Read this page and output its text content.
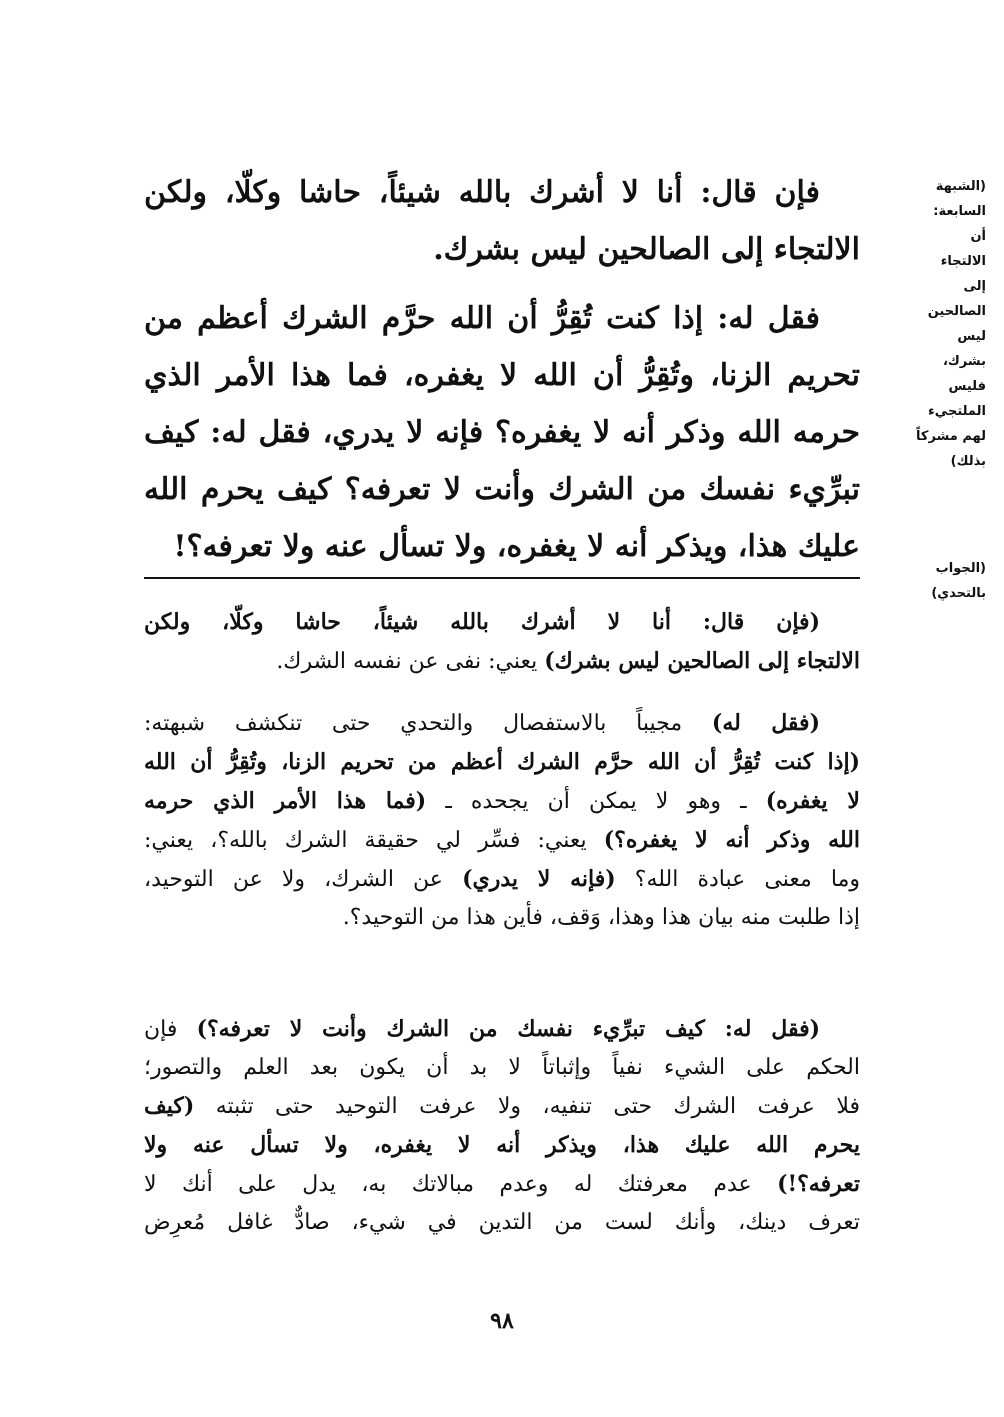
(الشبهة
السابعة:
أن
الالتجاء
إلى
الصالحين
ليس
بشرك،
فليس
الملتجيء
لهم مشركاً
بذلك)
(الجواب
بالتحدي)
فإن قال: أنا لا أشرك بالله شيئاً، حاشا وكلّا، ولكن
الالتجاء إلى الصالحين ليس بشرك.
فقل له: إذا كنت تُقِرُّ أن الله حرَّم الشرك أعظم من
تحريم الزنا، وتُقِرُّ أن الله لا يغفره، فما هذا الأمر الذي
حرمه الله وذكر أنه لا يغفره؟ فإنه لا يدري، فقل له: كيف
تبرِّيء نفسك من الشرك وأنت لا تعرفه؟ كيف يحرم الله
عليك هذا، ويذكر أنه لا يغفره، ولا تسأل عنه ولا تعرفه؟!
(فإن قال: أنا لا أشرك بالله شيئاً، حاشا وكلّا، ولكن
الالتجاء إلى الصالحين ليس بشرك) يعني: نفى عن نفسه الشرك.
(فقل له) مجيباً بالاستفصال والتحدي حتى تنكشف شبهته:
(إذا كنت تُقِرُّ أن الله حرَّم الشرك أعظم من تحريم الزنا، وتُقِرُّ أن الله
لا يغفره) ـ وهو لا يمكن أن يجحده ـ (فما هذا الأمر الذي حرمه
الله وذكر أنه لا يغفره؟) يعني: فسِّر لي حقيقة الشرك بالله؟، يعني:
وما معنى عبادة الله؟ (فإنه لا يدري) عن الشرك، ولا عن التوحيد،
إذا طلبت منه بيان هذا وهذا، وَقف، فأين هذا من التوحيد؟.
(فقل له: كيف تبرِّيء نفسك من الشرك وأنت لا تعرفه؟) فإن
الحكم على الشيء نفياً وإثباتاً لا بد أن يكون بعد العلم والتصور؛
فلا عرفت الشرك حتى تنفيه، ولا عرفت التوحيد حتى تثبته (كيف
يحرم الله عليك هذا، ويذكر أنه لا يغفره، ولا تسأل عنه ولا
تعرفه؟!) عدم معرفتك له وعدم مبالاتك به، يدل على أنك لا
تعرف دينك، وأنك لست من التدين في شيء، صادٌّ غافل مُعرِض
٩٨
